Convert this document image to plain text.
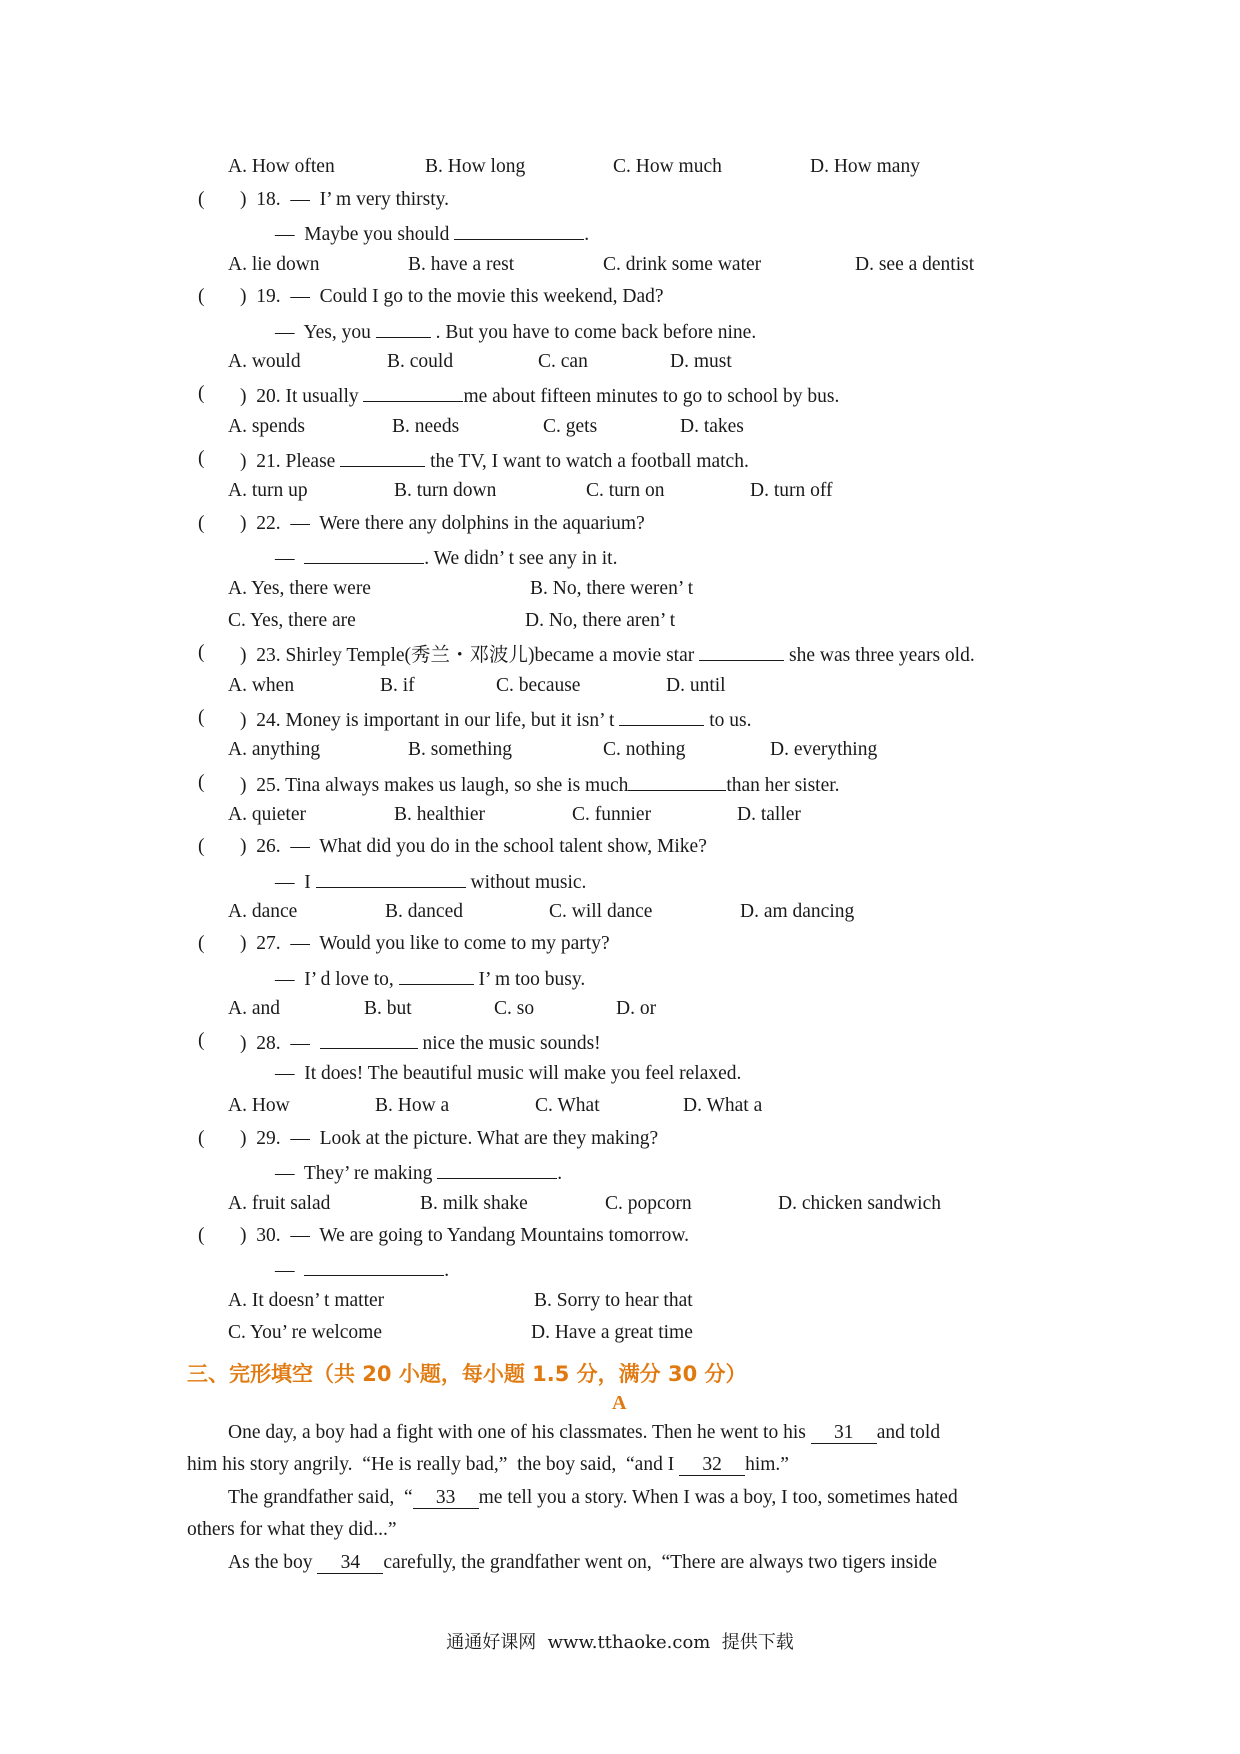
A. How often	B. How long	C. How much	D. How many
( )  18.  —  I’ m very thirsty.
—  Maybe you should	.
A. lie down	B. have a rest	C. drink some water	D. see a dentist
( )  19.  —  Could I go to the movie this weekend, Dad?
—  Yes, you	. But you have to come back before nine.
A. would	B. could	C. can	D. must
( )  20. It usually	me about fifteen minutes to go to school by bus.
A. spends	B. needs	C. gets	D. takes
( )  21. Please	the TV, I want to watch a football match.
A. turn up	B. turn down	C. turn on	D. turn off
( )  22.  —  Were there any dolphins in the aquarium?
—	. We didn’ t see any in it.
A. Yes, there were	B. No, there weren’ t
C. Yes, there are	D. No, there aren’ t
( )  23. Shirley Temple(秀兰・邓波儿)became a movie star	she was three years old.
A. when	B. if	C. because	D. until
( )  24. Money is important in our life, but it isn’ t	to us.
A. anything	B. something	C. nothing	D. everything
( )  25. Tina always makes us laugh, so she is much	than her sister.
A. quieter	B. healthier	C. funnier	D. taller
( )  26.  —  What did you do in the school talent show, Mike?
—  I	without music.
A. dance	B. danced	C. will dance	D. am dancing
( )  27.  —  Would you like to come to my party?
—  I’ d love to,	I’ m too busy.
A. and	B. but	C. so	D. or
( )  28.  —	nice the music sounds!
—  It does! The beautiful music will make you feel relaxed.
A. How	B. How a	C. What	D. What a
( )  29.  —  Look at the picture. What are they making?
—  They’ re making	.
A. fruit salad	B. milk shake	C. popcorn	D. chicken sandwich
( )  30.  —  We are going to Yandang Mountains tomorrow.
—	.
A. It doesn’ t matter	B. Sorry to hear that
C. You’ re welcome	D. Have a great time
三、完形填空（共 20 小题，每小题 1.5 分，满分 30 分）
A
One day, a boy had a fight with one of his classmates. Then he went to his 31 and told
him his story angrily.  “He is really bad,”  the boy said,  “and I 32 him.”
The grandfather said,  “ 33 me tell you a story. When I was a boy, I too, sometimes hated
others for what they did...”
As the boy 34 carefully, the grandfather went on,  “There are always two tigers inside
通通好课网  www.tthaoke.com  提供下载
